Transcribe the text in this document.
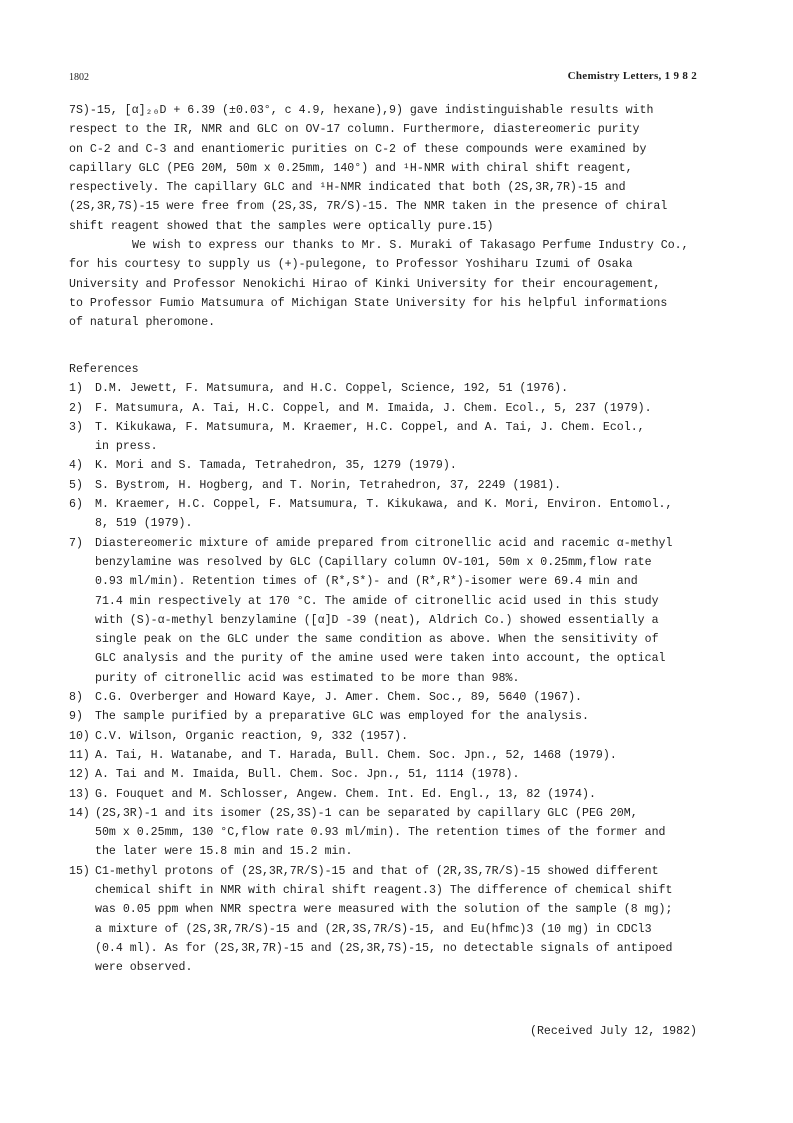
1802	Chemistry Letters, 1 9 8 2
7S)-15, [α]₂₀D + 6.39 (±0.03°, c 4.9, hexane),9) gave indistinguishable results with
respect to the IR, NMR and GLC on OV-17 column. Furthermore, diastereomeric purity
on C-2 and C-3 and enantiomeric purities on C-2 of these compounds were examined by
capillary GLC (PEG 20M, 50m x 0.25mm, 140°) and ¹H-NMR with chiral shift reagent,
respectively. The capillary GLC and ¹H-NMR indicated that both (2S,3R,7R)-15 and
(2S,3R,7S)-15 were free from (2S,3S, 7R/S)-15. The NMR taken in the presence of chiral
shift reagent showed that the samples were optically pure.15)
We wish to express our thanks to Mr. S. Muraki of Takasago Perfume Industry Co.,
for his courtesy to supply us (+)-pulegone, to Professor Yoshiharu Izumi of Osaka
University and Professor Nenokichi Hirao of Kinki University for their encouragement,
to Professor Fumio Matsumura of Michigan State University for his helpful informations
of natural pheromone.
References
1)	D.M. Jewett, F. Matsumura, and H.C. Coppel, Science, 192, 51 (1976).
2)	F. Matsumura, A. Tai, H.C. Coppel, and M. Imaida, J. Chem. Ecol., 5, 237 (1979).
3)	T. Kikukawa, F. Matsumura, M. Kraemer, H.C. Coppel, and A. Tai, J. Chem. Ecol.,
in press.
4)	K. Mori and S. Tamada, Tetrahedron, 35, 1279 (1979).
5)	S. Bystrom, H. Hogberg, and T. Norin, Tetrahedron, 37, 2249 (1981).
6)	M. Kraemer, H.C. Coppel, F. Matsumura, T. Kikukawa, and K. Mori, Environ. Entomol.,
8, 519 (1979).
7)	Diastereomeric mixture of amide prepared from citronellic acid and racemic α-methyl
benzylamine was resolved by GLC (Capillary column OV-101, 50m x 0.25mm,flow rate
0.93 ml/min). Retention times of (R*,S*)- and (R*,R*)-isomer were 69.4 min and
71.4 min respectively at 170 °C. The amide of citronellic acid used in this study
with (S)-α-methyl benzylamine ([α]D -39 (neat), Aldrich Co.) showed essentially a
single peak on the GLC under the same condition as above. When the sensitivity of
GLC analysis and the purity of the amine used were taken into account, the optical
purity of citronellic acid was estimated to be more than 98%.
8)	C.G. Overberger and Howard Kaye, J. Amer. Chem. Soc., 89, 5640 (1967).
9)	The sample purified by a preparative GLC was employed for the analysis.
10) C.V. Wilson, Organic reaction, 9, 332 (1957).
11) A. Tai, H. Watanabe, and T. Harada, Bull. Chem. Soc. Jpn., 52, 1468 (1979).
12) A. Tai and M. Imaida, Bull. Chem. Soc. Jpn., 51, 1114 (1978).
13) G. Fouquet and M. Schlosser, Angew. Chem. Int. Ed. Engl., 13, 82 (1974).
14) (2S,3R)-1 and its isomer (2S,3S)-1 can be separated by capillary GLC (PEG 20M,
50m x 0.25mm, 130 °C,flow rate 0.93 ml/min). The retention times of the former and
the later were 15.8 min and 15.2 min.
15) C1-methyl protons of (2S,3R,7R/S)-15 and that of (2R,3S,7R/S)-15 showed different
chemical shift in NMR with chiral shift reagent.3) The difference of chemical shift
was 0.05 ppm when NMR spectra were measured with the solution of the sample (8 mg);
a mixture of (2S,3R,7R/S)-15 and (2R,3S,7R/S)-15, and Eu(hfmc)3 (10 mg) in CDCl3
(0.4 ml). As for (2S,3R,7R)-15 and (2S,3R,7S)-15, no detectable signals of antipoed
were observed.
(Received July 12, 1982)
